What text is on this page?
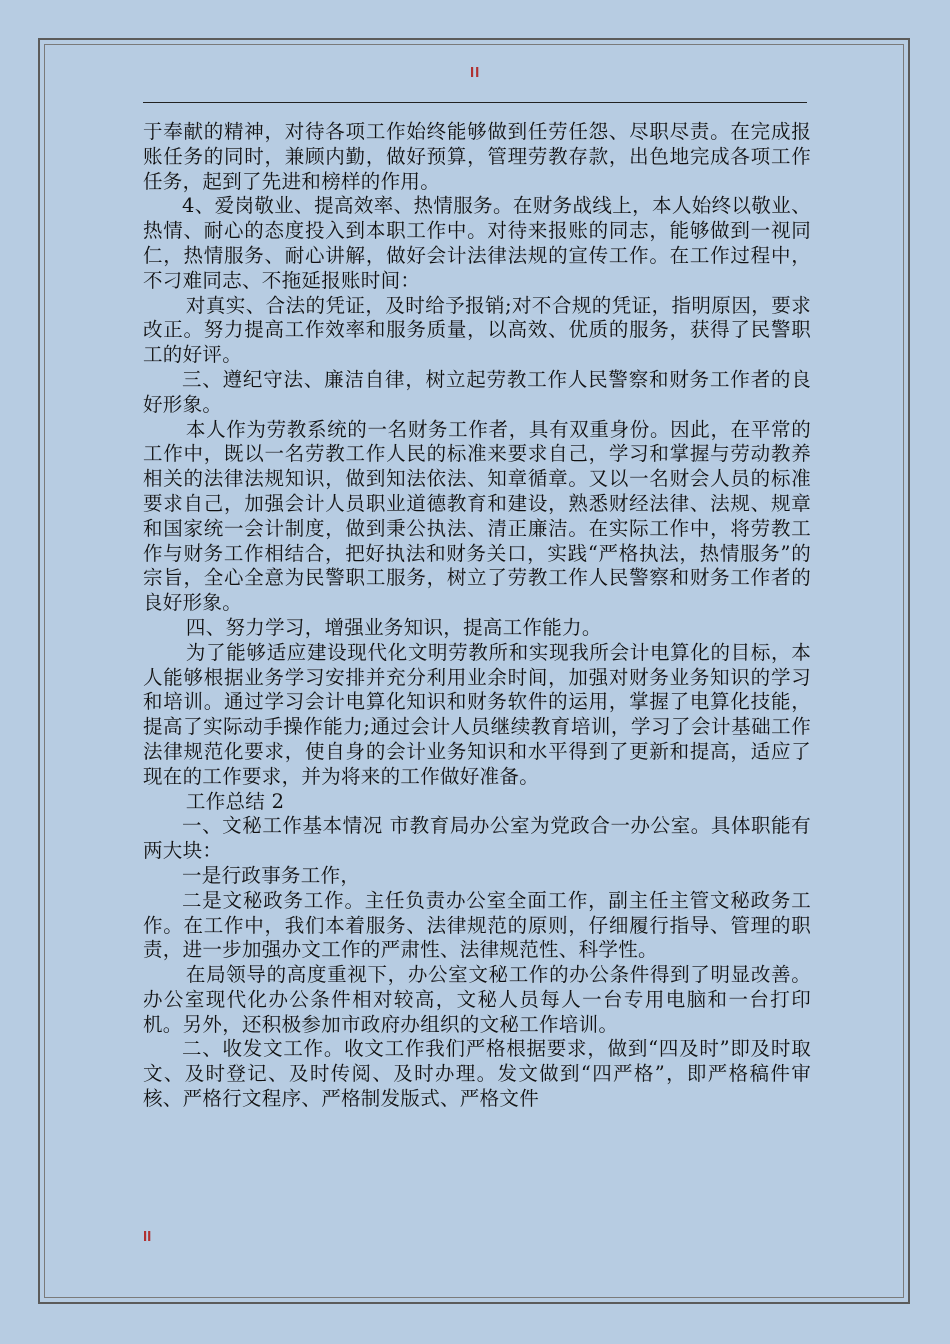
II

于奉献的精神，对待各项工作始终能够做到任劳任怨、尽职尽责。在完成报账任务的同时，兼顾内勤，做好预算，管理劳教存款，出色地完成各项工作任务，起到了先进和榜样的作用。

4、爱岗敬业、提高效率、热情服务。在财务战线上，本人始终以敬业、热情、耐心的态度投入到本职工作中。对待来报账的同志，能够做到一视同仁，热情服务、耐心讲解，做好会计法律法规的宣传工作。在工作过程中，不刁难同志、不拖延报账时间：

对真实、合法的凭证，及时给予报销;对不合规的凭证，指明原因，要求改正。努力提高工作效率和服务质量，以高效、优质的服务，获得了民警职工的好评。

三、遵纪守法、廉洁自律，树立起劳教工作人民警察和财务工作者的良好形象。

本人作为劳教系统的一名财务工作者，具有双重身份。因此，在平常的工作中，既以一名劳教工作人民的标准来要求自己，学习和掌握与劳动教养相关的法律法规知识，做到知法依法、知章循章。又以一名财会人员的标准要求自己，加强会计人员职业道德教育和建设，熟悉财经法律、法规、规章和国家统一会计制度，做到秉公执法、清正廉洁。在实际工作中，将劳教工作与财务工作相结合，把好执法和财务关口，实践“严格执法，热情服务”的宗旨，全心全意为民警职工服务，树立了劳教工作人民警察和财务工作者的良好形象。

四、努力学习，增强业务知识，提高工作能力。

为了能够适应建设现代化文明劳教所和实现我所会计电算化的目标，本人能够根据业务学习安排并充分利用业余时间，加强对财务业务知识的学习和培训。通过学习会计电算化知识和财务软件的运用，掌握了电算化技能，提高了实际动手操作能力;通过会计人员继续教育培训，学习了会计基础工作法律规范化要求，使自身的会计业务知识和水平得到了更新和提高，适应了现在的工作要求，并为将来的工作做好准备。

工作总结 2

一、文秘工作基本情况 市教育局办公室为党政合一办公室。具体职能有两大块：

一是行政事务工作，

二是文秘政务工作。主任负责办公室全面工作，副主任主管文秘政务工作。在工作中，我们本着服务、法律规范的原则，仔细履行指导、管理的职责，进一步加强办文工作的严肃性、法律规范性、科学性。

在局领导的高度重视下，办公室文秘工作的办公条件得到了明显改善。办公室现代化办公条件相对较高，文秘人员每人一台专用电脑和一台打印机。另外，还积极参加市政府办组织的文秘工作培训。

二、收发文工作。收文工作我们严格根据要求，做到“四及时”即及时取文、及时登记、及时传阅、及时办理。发文做到“四严格”，即严格稿件审核、严格行文程序、严格制发版式、严格文件

II
